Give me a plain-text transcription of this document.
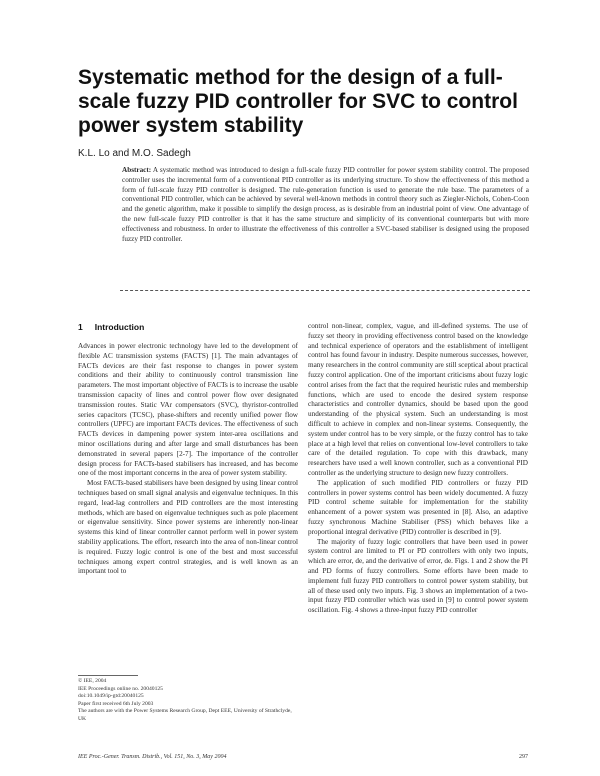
Systematic method for the design of a full-scale fuzzy PID controller for SVC to control power system stability

K.L. Lo and M.O. Sadegh

Abstract: A systematic method was introduced to design a full-scale fuzzy PID controller for power system stability control. The proposed controller uses the incremental form of a conventional PID controller as its underlying structure. To show the effectiveness of this method a form of full-scale fuzzy PID controller is designed. The rule-generation function is used to generate the rule base. The parameters of a conventional PID controller, which can be achieved by several well-known methods in control theory such as Ziegler-Nichols, Cohen-Coon and the genetic algorithm, make it possible to simplify the design process, as is desirable from an industrial point of view. One advantage of the new full-scale fuzzy PID controller is that it has the same structure and simplicity of its conventional counterparts but with more effectiveness and robustness. In order to illustrate the effectiveness of this controller a SVC-based stabiliser is designed using the proposed fuzzy PID controller.

1 Introduction

Advances in power electronic technology have led to the development of flexible AC transmission systems (FACTS) [1]. The main advantages of FACTs devices are their fast response to changes in power system conditions and their ability to continuously control transmission line parameters. The most important objective of FACTs is to increase the usable transmission capacity of lines and control power flow over designated transmission routes. Static VAr compensators (SVC), thyristor-controlled series capacitors (TCSC), phase-shifters and recently unified power flow controllers (UPFC) are important FACTs devices. The effectiveness of such FACTs devices in dampening power system inter-area oscillations and minor oscillations during and after large and small disturbances has been demonstrated in several papers [2-7]. The importance of the controller design process for FACTs-based stabilisers has increased, and has become one of the most important concerns in the area of power system stability.

Most FACTs-based stabilisers have been designed by using linear control techniques based on small signal analysis and eigenvalue techniques. In this regard, lead-lag controllers and PID controllers are the most interesting methods, which are based on eigenvalue techniques such as pole placement or eigenvalue sensitivity. Since power systems are inherently non-linear systems this kind of linear controller cannot perform well in power system stability applications. The effort, research into the area of non-linear control is required. Fuzzy logic control is one of the best and most successful techniques among expert control strategies, and is well known as an important tool to

control non-linear, complex, vague, and ill-defined systems. The use of fuzzy set theory in providing effectiveness control based on the knowledge and technical experience of operators and the establishment of intelligent control has found favour in industry. Despite numerous successes, however, many researchers in the control community are still sceptical about practical fuzzy control application. One of the important criticisms about fuzzy logic control arises from the fact that the required heuristic rules and membership functions, which are used to encode the desired system response characteristics and controller dynamics, should be based upon the good understanding of the physical system. Such an understanding is most difficult to achieve in complex and non-linear systems. Consequently, the system under control has to be very simple, or the fuzzy control has to take place at a high level that relies on conventional low-level controllers to take care of the detailed regulation. To cope with this drawback, many researchers have used a well known controller, such as a conventional PID controller as the underlying structure to design new fuzzy controllers.

The application of such modified PID controllers or fuzzy PID controllers in power systems control has been widely documented. A fuzzy PID control scheme suitable for implementation for the stability enhancement of a power system was presented in [8]. Also, an adaptive fuzzy synchronous Machine Stabiliser (PSS) which behaves like a proportional integral derivative (PID) controller is described in [9].

The majority of fuzzy logic controllers that have been used in power system control are limited to PI or PD controllers with only two inputs, which are error, de, and the derivative of error, de. Figs. 1 and 2 show the PI and PD forms of fuzzy controllers. Some efforts have been made to implement full fuzzy PID controllers to control power system stability, but all of these used only two inputs. Fig. 3 shows an implementation of a two-input fuzzy PID controller which was used in [9] to control power system oscillation. Fig. 4 shows a three-input fuzzy PID controller

© IEE, 2004
IEE Proceedings online no. 20040125
doi:10.1049/ip-gtd:20040125
Paper first received 6th July 2003
The authors are with the Power Systems Research Group, Dept EEE, University of Strathclyde, UK
IEE Proc.-Gener. Transm. Distrib., Vol. 151, No. 3, May 2004	297
